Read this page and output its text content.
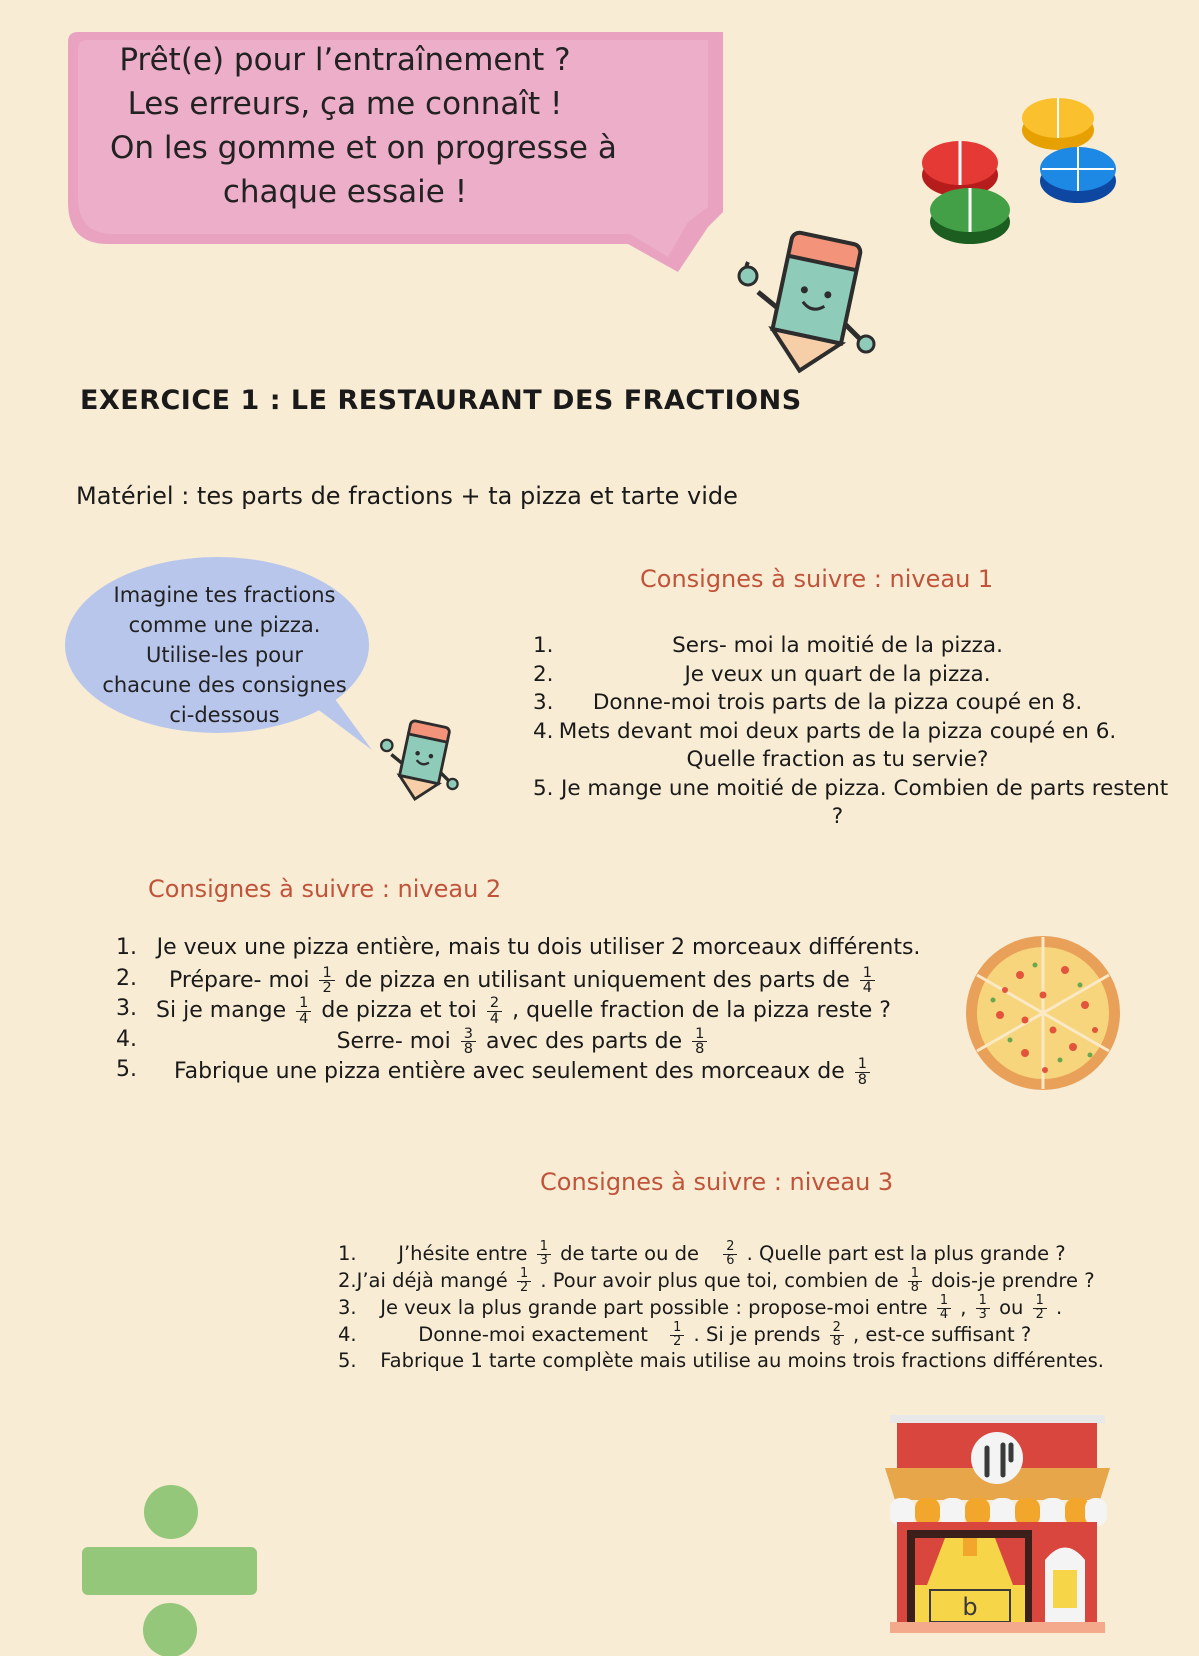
Prêt(e) pour l’entraînement ?
Les erreurs, ça me connaît !
On les gomme et on progresse à
chaque essaie !
EXERCICE 1 : LE RESTAURANT DES FRACTIONS
Matériel : tes parts de fractions + ta pizza et tarte vide
Imagine tes fractions
comme une pizza.
Utilise-les pour
chacune des consignes
ci-dessous
Consignes à suivre : niveau 1
1.	Sers- moi la moitié de la pizza.
2.	Je veux un quart de la pizza.
3. Donne-moi trois parts de la pizza coupé en 8.
4. Mets devant moi deux parts de la pizza coupé en 6.
Quelle fraction as tu servie?
5. Je mange une moitié de pizza. Combien de parts restent
?
Consignes à suivre : niveau 2
1. Je veux une pizza entière, mais tu dois utiliser 2 morceaux différents.
2. Prépare- moi $\frac{1}{2}$ de pizza en utilisant uniquement des parts de $\frac{1}{4}$
3. Si je mange $\frac{1}{4}$ de pizza et toi $\frac{2}{4}$ , quelle fraction de la pizza reste ?
4.	Serre- moi $\frac{3}{8}$ avec des parts de $\frac{1}{8}$
5. Fabrique une pizza entière avec seulement des morceaux de $\frac{1}{8}$
Consignes à suivre : niveau 3
1. J’hésite entre $\frac{1}{3}$ de tarte ou de $\frac{2}{6}$ . Quelle part est la plus grande ?
2.J’ai déjà mangé $\frac{1}{2}$ . Pour avoir plus que toi, combien de $\frac{1}{8}$ dois-je prendre ?
3. Je veux la plus grande part possible : propose-moi entre $\frac{1}{4}$ , $\frac{1}{3}$ ou $\frac{1}{2}$ .
4.	Donne-moi exactement $\frac{1}{2}$ . Si je prends $\frac{2}{8}$ , est-ce suffisant ?
5. Fabrique 1 tarte complète mais utilise au moins trois fractions différentes.
b
